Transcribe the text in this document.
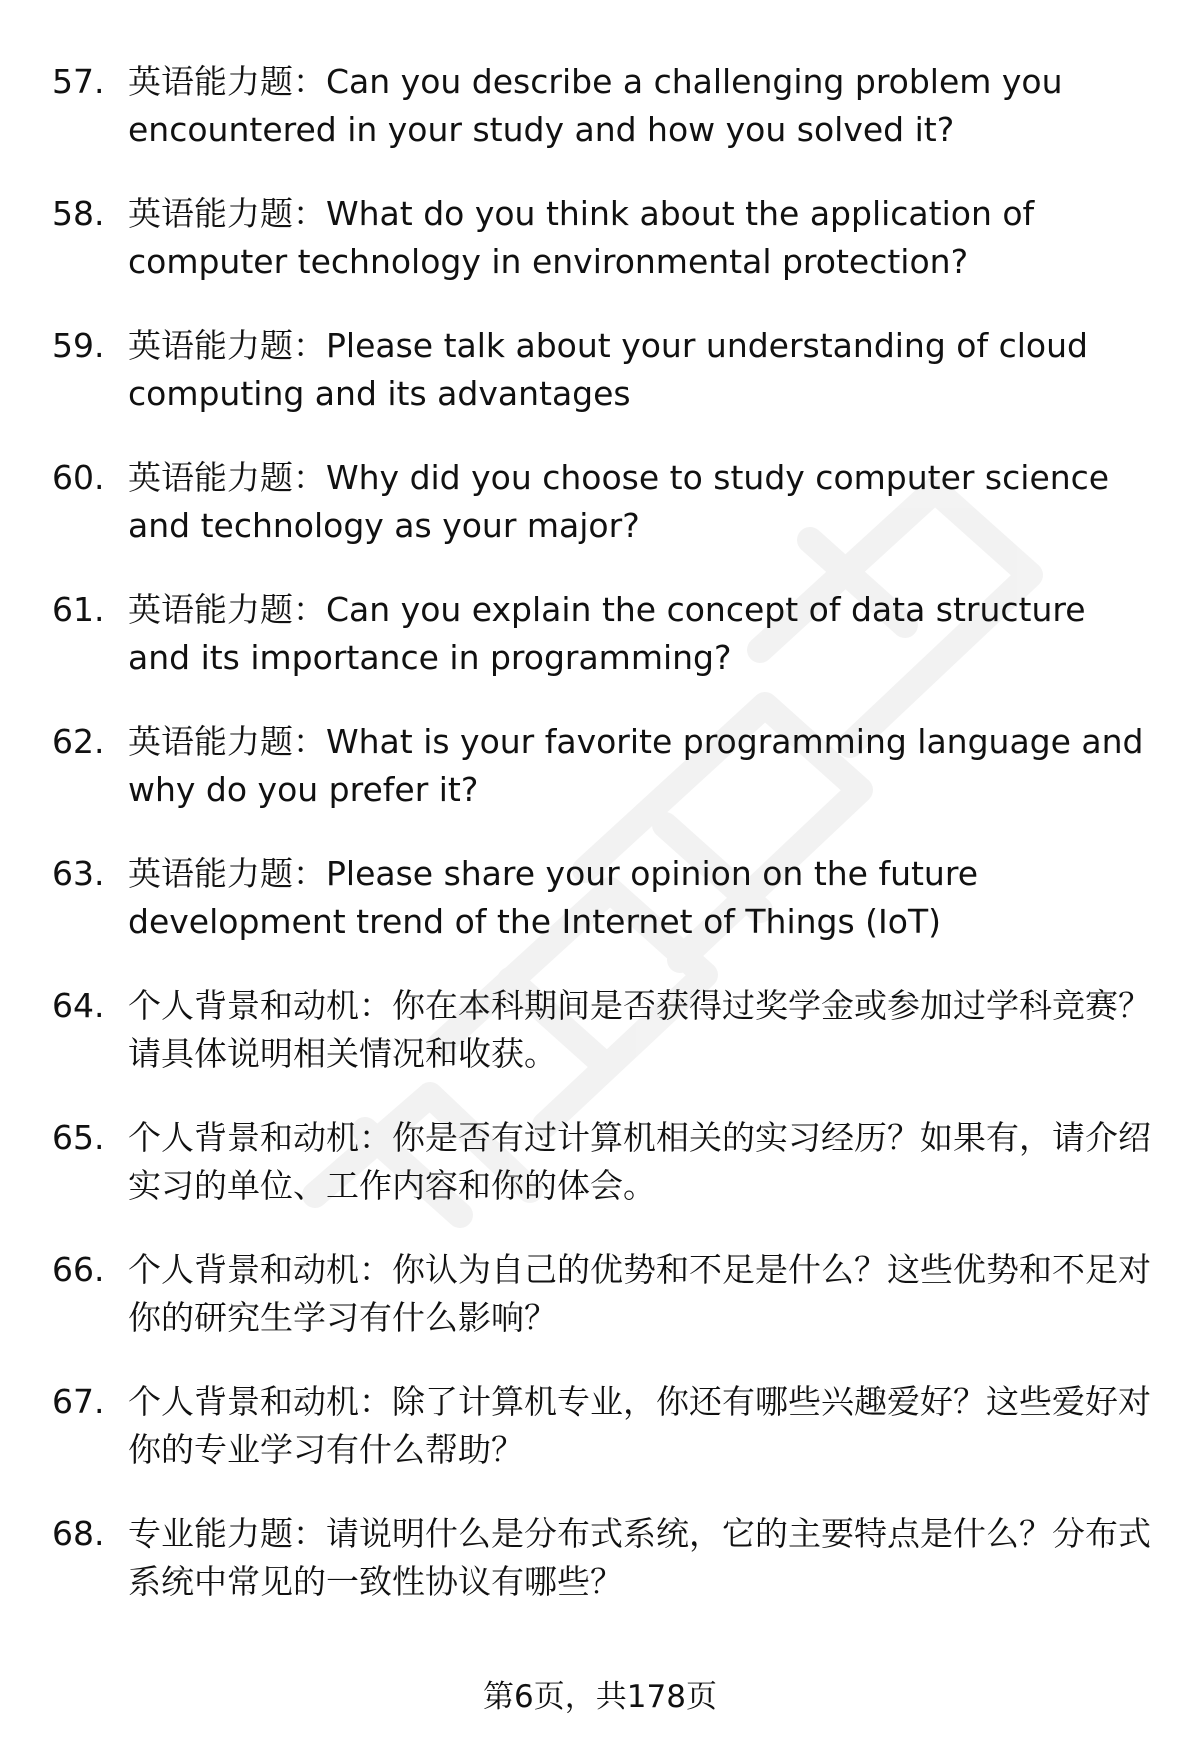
57. 英语能力题：Can you describe a challenging problem you encountered in your study and how you solved it?
58. 英语能力题：What do you think about the application of computer technology in environmental protection?
59. 英语能力题：Please talk about your understanding of cloud computing and its advantages
60. 英语能力题：Why did you choose to study computer science and technology as your major?
61. 英语能力题：Can you explain the concept of data structure and its importance in programming?
62. 英语能力题：What is your favorite programming language and why do you prefer it?
63. 英语能力题：Please share your opinion on the future development trend of the Internet of Things (IoT)
64. 个人背景和动机：你在本科期间是否获得过奖学金或参加过学科竞赛？请具体说明相关情况和收获。
65. 个人背景和动机：你是否有过计算机相关的实习经历？如果有，请介绍实习的单位、工作内容和你的体会。
66. 个人背景和动机：你认为自己的优势和不足是什么？这些优势和不足对你的研究生学习有什么影响？
67. 个人背景和动机：除了计算机专业，你还有哪些兴趣爱好？这些爱好对你的专业学习有什么帮助？
68. 专业能力题：请说明什么是分布式系统，它的主要特点是什么？分布式系统中常见的一致性协议有哪些？
第6页，共178页
